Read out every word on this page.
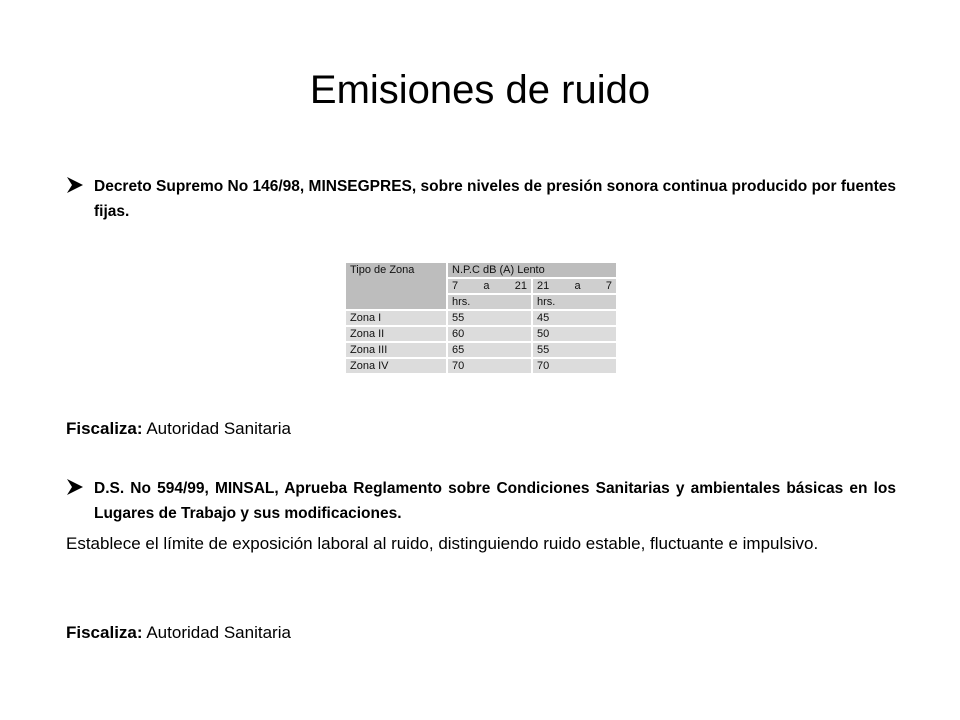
Emisiones de ruido
Decreto Supremo No 146/98, MINSEGPRES, sobre niveles de presión sonora continua producido por fuentes fijas.
Tipo de Zona	N.P.C dB (A) Lento	

	7 a 21	21 a 7

	hrs.	hrs.
Zona I	55	45
Zona II	60	50
Zona III	65	55
Zona IV	70	70
Fiscaliza: Autoridad Sanitaria
D.S. No 594/99, MINSAL, Aprueba Reglamento sobre Condiciones Sanitarias y ambientales básicas en los Lugares de Trabajo y sus modificaciones.
Establece el límite de exposición laboral al ruido, distinguiendo ruido estable, fluctuante e impulsivo.
Fiscaliza: Autoridad Sanitaria
